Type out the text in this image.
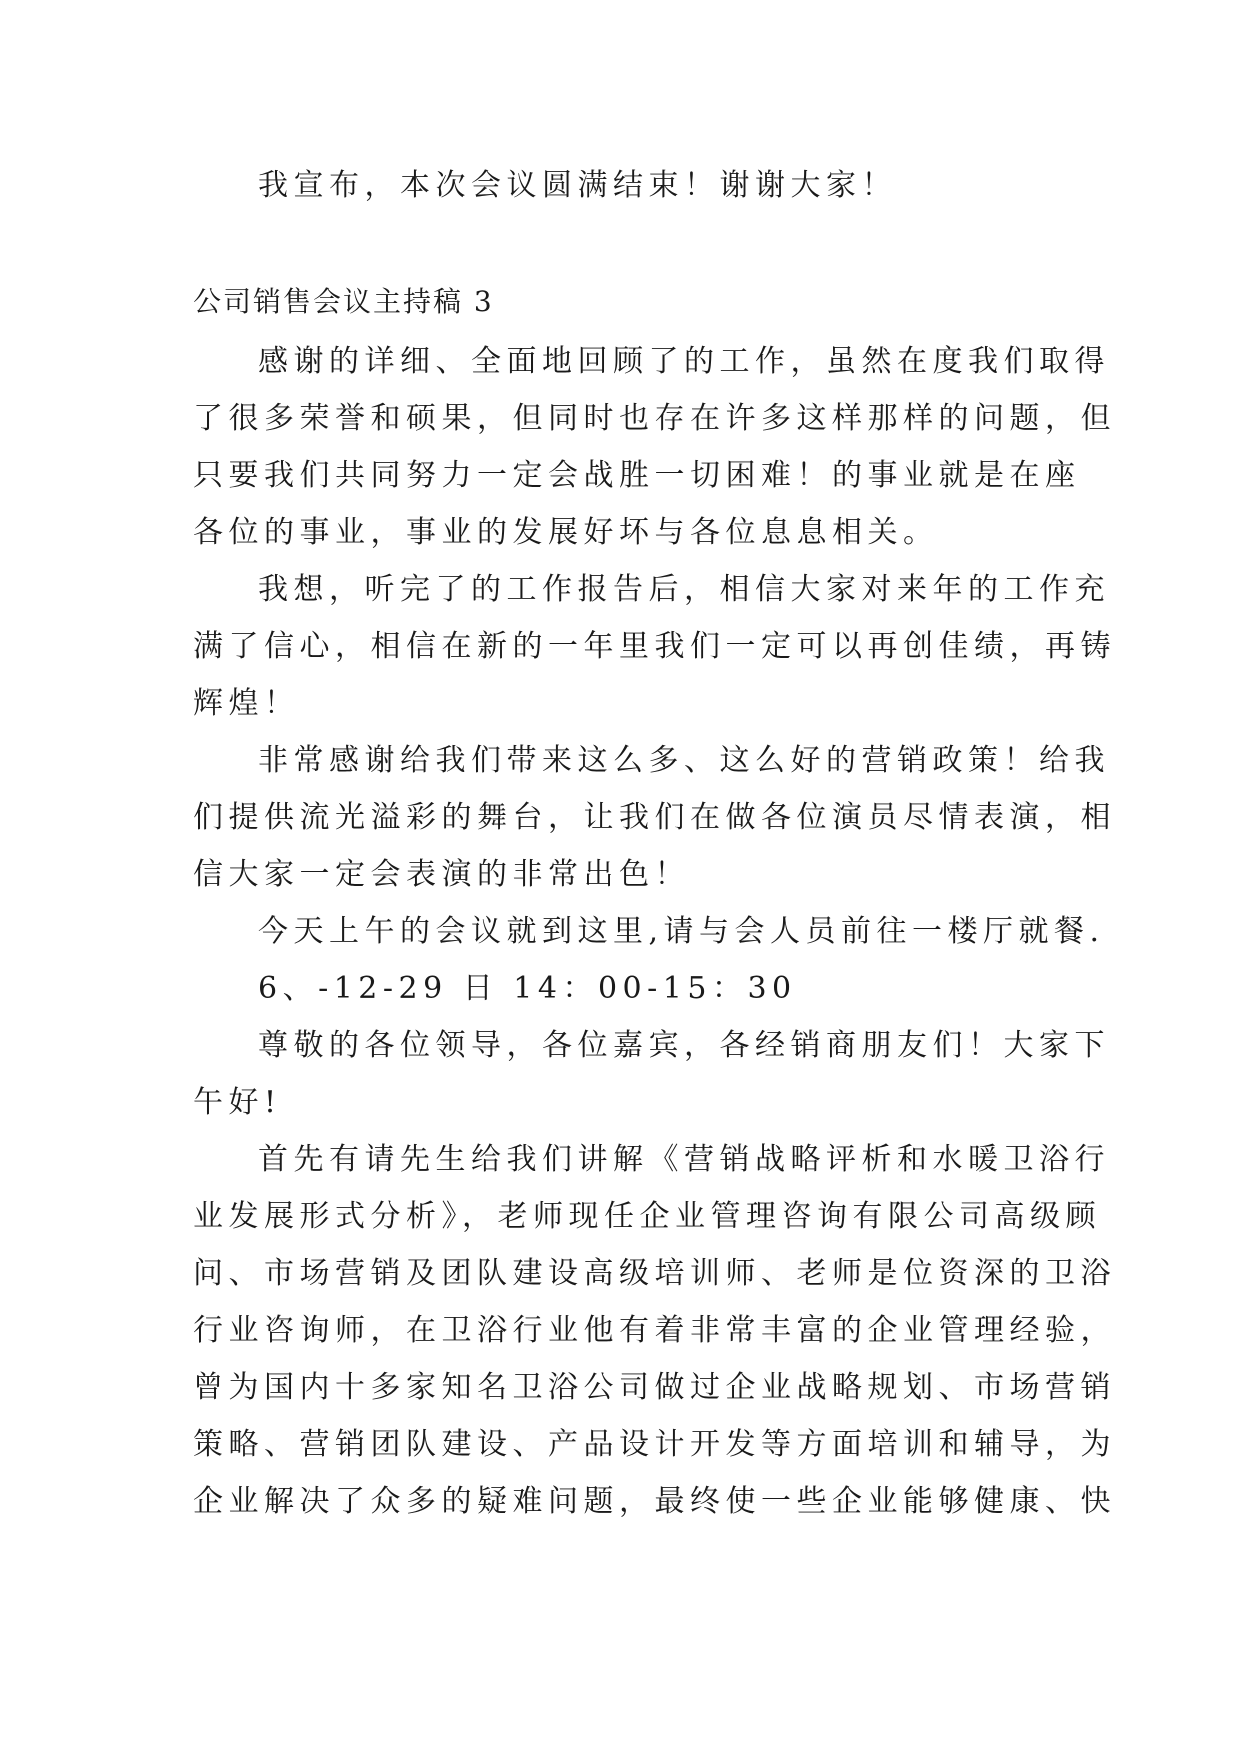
我宣布，本次会议圆满结束！谢谢大家！
公司销售会议主持稿 3
感谢的详细、全面地回顾了的工作，虽然在度我们取得
了很多荣誉和硕果，但同时也存在许多这样那样的问题，但
只要我们共同努力一定会战胜一切困难！的事业就是在座
各位的事业，事业的发展好坏与各位息息相关。
我想，听完了的工作报告后，相信大家对来年的工作充
满了信心，相信在新的一年里我们一定可以再创佳绩，再铸
辉煌！
非常感谢给我们带来这么多、这么好的营销政策！给我
们提供流光溢彩的舞台，让我们在做各位演员尽情表演，相
信大家一定会表演的非常出色！
今天上午的会议就到这里,请与会人员前往一楼厅就餐.
6、-12-29 日 14：00-15：30
尊敬的各位领导，各位嘉宾，各经销商朋友们！大家下
午好!
首先有请先生给我们讲解《营销战略评析和水暖卫浴行
业发展形式分析》，老师现任企业管理咨询有限公司高级顾
问、市场营销及团队建设高级培训师、老师是位资深的卫浴
行业咨询师，在卫浴行业他有着非常丰富的企业管理经验，
曾为国内十多家知名卫浴公司做过企业战略规划、市场营销
策略、营销团队建设、产品设计开发等方面培训和辅导，为
企业解决了众多的疑难问题，最终使一些企业能够健康、快
